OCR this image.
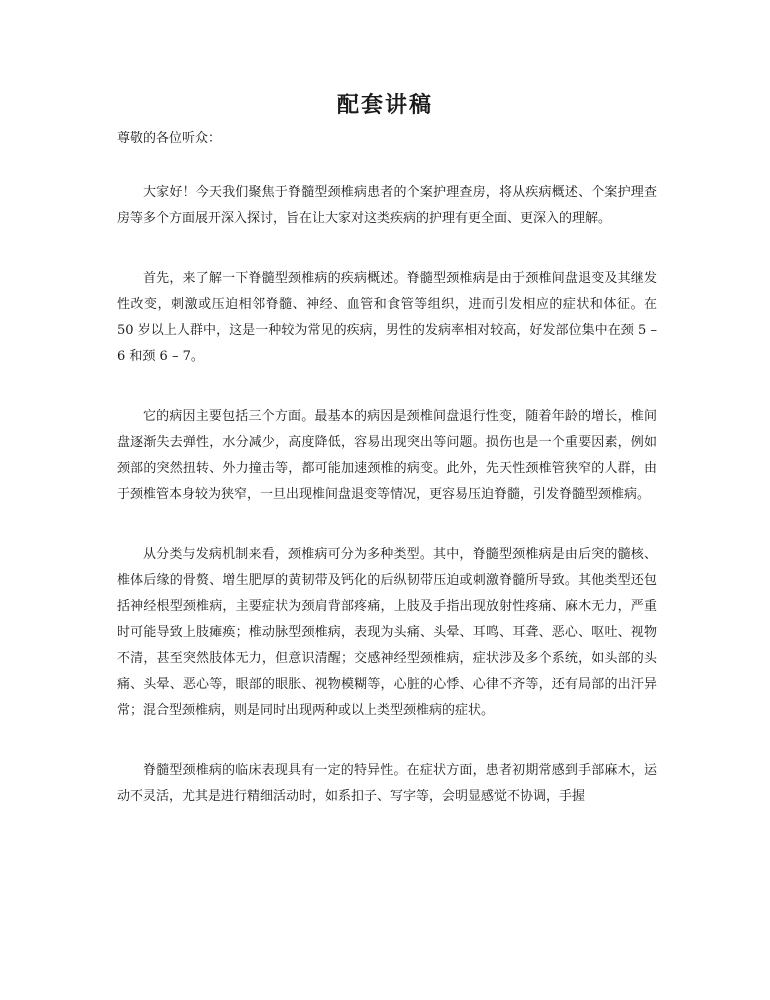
配套讲稿

尊敬的各位听众：

大家好！今天我们聚焦于脊髓型颈椎病患者的个案护理查房，将从疾病概述、个案护理查房等多个方面展开深入探讨，旨在让大家对这类疾病的护理有更全面、更深入的理解。

首先，来了解一下脊髓型颈椎病的疾病概述。脊髓型颈椎病是由于颈椎间盘退变及其继发性改变，刺激或压迫相邻脊髓、神经、血管和食管等组织，进而引发相应的症状和体征。在 50 岁以上人群中，这是一种较为常见的疾病，男性的发病率相对较高，好发部位集中在颈 5 – 6 和颈 6 – 7。

它的病因主要包括三个方面。最基本的病因是颈椎间盘退行性变，随着年龄的增长，椎间盘逐渐失去弹性，水分减少，高度降低，容易出现突出等问题。损伤也是一个重要因素，例如颈部的突然扭转、外力撞击等，都可能加速颈椎的病变。此外，先天性颈椎管狭窄的人群，由于颈椎管本身较为狭窄，一旦出现椎间盘退变等情况，更容易压迫脊髓，引发脊髓型颈椎病。

从分类与发病机制来看，颈椎病可分为多种类型。其中，脊髓型颈椎病是由后突的髓核、椎体后缘的骨赘、增生肥厚的黄韧带及钙化的后纵韧带压迫或刺激脊髓所导致。其他类型还包括神经根型颈椎病，主要症状为颈肩背部疼痛，上肢及手指出现放射性疼痛、麻木无力，严重时可能导致上肢瘫痪；椎动脉型颈椎病，表现为头痛、头晕、耳鸣、耳聋、恶心、呕吐、视物不清，甚至突然肢体无力，但意识清醒；交感神经型颈椎病，症状涉及多个系统，如头部的头痛、头晕、恶心等，眼部的眼胀、视物模糊等，心脏的心悸、心律不齐等，还有局部的出汗异常；混合型颈椎病，则是同时出现两种或以上类型颈椎病的症状。

脊髓型颈椎病的临床表现具有一定的特异性。在症状方面，患者初期常感到手部麻木，运动不灵活，尤其是进行精细活动时，如系扣子、写字等，会明显感觉不协调，手握
